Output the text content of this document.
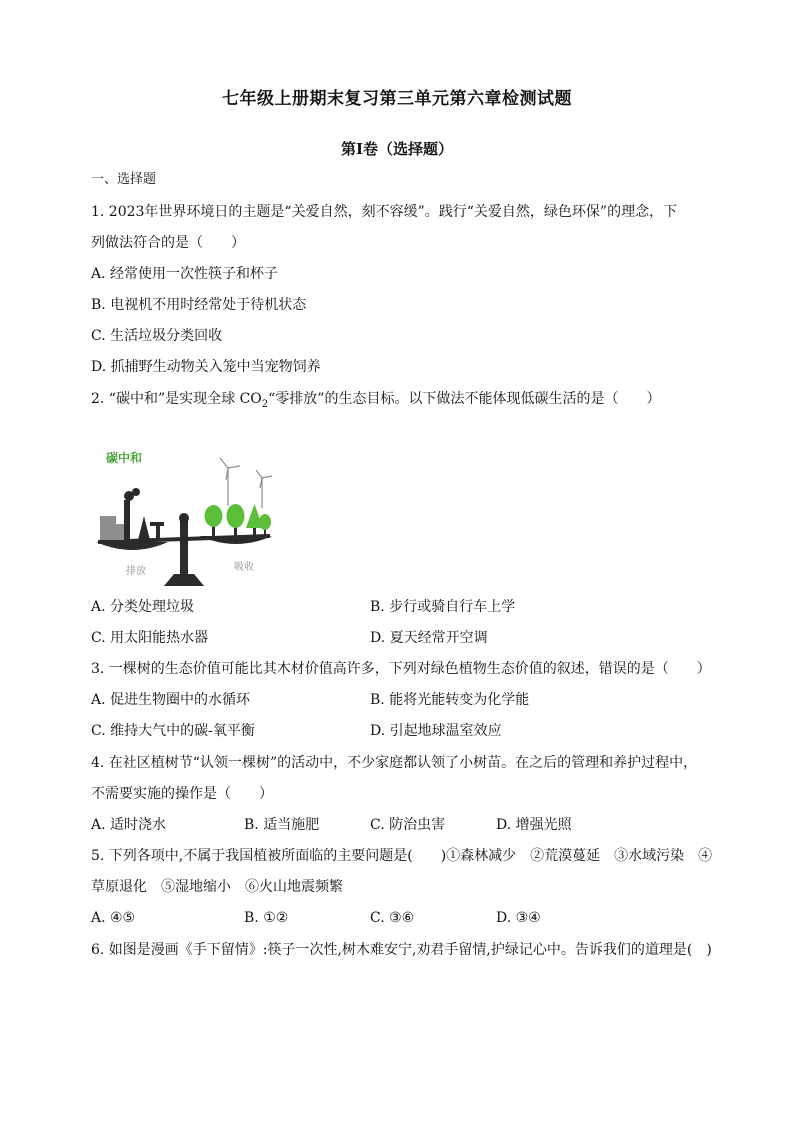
七年级上册期末复习第三单元第六章检测试题
第I卷（选择题）
一、选择题
1. 2023年世界环境日的主题是“关爱自然，刻不容缓”。践行“关爱自然，绿色环保”的理念，下
列做法符合的是（　　）
A. 经常使用一次性筷子和杯子
B. 电视机不用时经常处于待机状态
C. 生活垃圾分类回收
D. 抓捕野生动物关入笼中当宠物饲养
2. “碳中和”是实现全球 $CO_2“$零排放”的生态目标。以下做法不能体现低碳生活的是（　　）
碳中和
排放	吸收
A. 分类处理垃圾	B. 步行或骑自行车上学
C. 用太阳能热水器	D. 夏天经常开空调
3. 一棵树的生态价值可能比其木材价值高许多，下列对绿色植物生态价值的叙述，错误的是（　　）
A. 促进生物圈中的水循环	B. 能将光能转变为化学能
C. 维持大气中的碳-氧平衡	D. 引起地球温室效应
4. 在社区植树节“认领一棵树”的活动中，不少家庭都认领了小树苗。在之后的管理和养护过程中，
不需要实施的操作是（　　）
A. 适时浇水	B. 适当施肥	C. 防治虫害	D. 增强光照
5. 下列各项中,不属于我国植被所面临的主要问题是(　　)①森林减少　②荒漠蔓延　③水域污染　④
草原退化　⑤湿地缩小　⑥火山地震频繁
A. ④⑤	B. ①②	C. ③⑥	D. ③④
6. 如图是漫画《手下留情》:筷子一次性,树木难安宁,劝君手留情,护绿记心中。告诉我们的道理是(　)
